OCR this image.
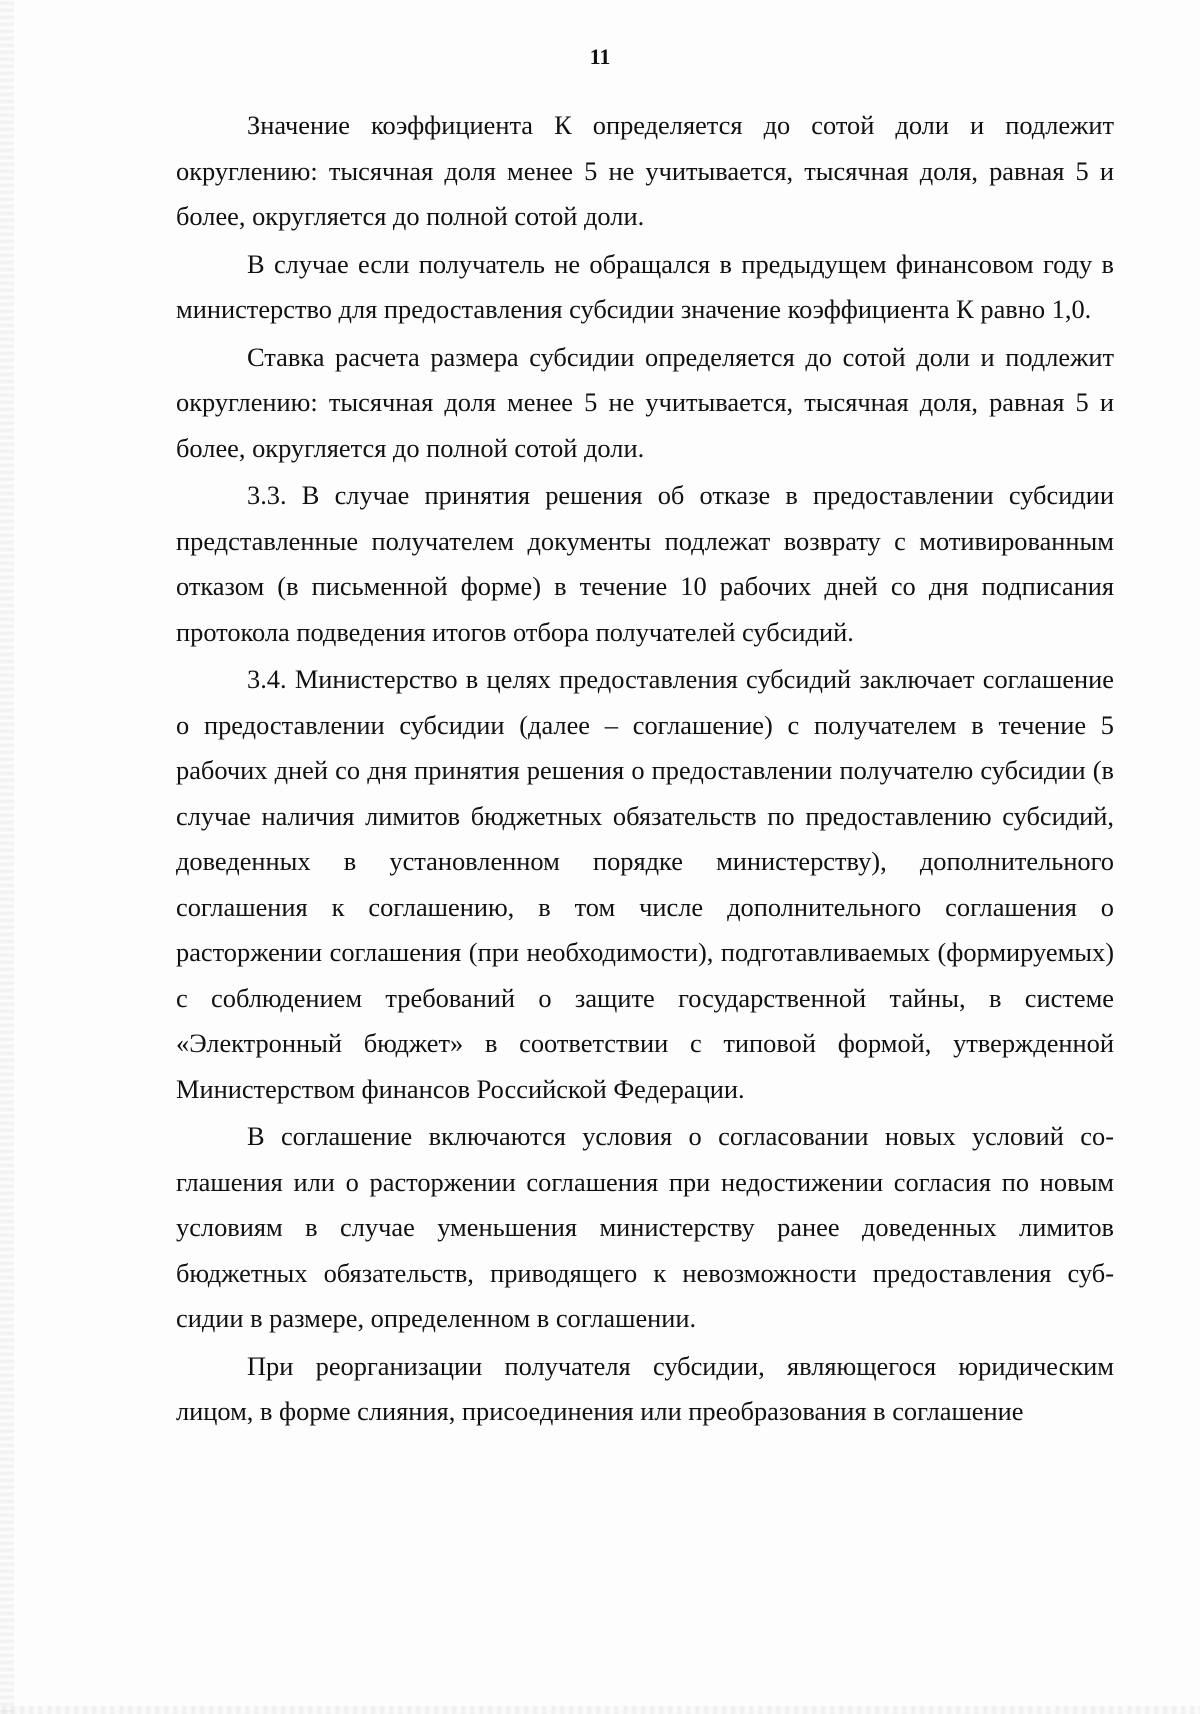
11

Значение коэффициента К определяется до сотой доли и подлежит округлению: тысячная доля менее 5 не учитывается, тысячная доля, равная 5 и более, округляется до полной сотой доли.

В случае если получатель не обращался в предыдущем финансовом году в министерство для предоставления субсидии значение коэффициента К равно 1,0.

Ставка расчета размера субсидии определяется до сотой доли и подлежит округлению: тысячная доля менее 5 не учитывается, тысячная доля, равная 5 и более, округляется до полной сотой доли.

3.3. В случае принятия решения об отказе в предоставлении субсидии представленные получателем документы подлежат возврату с мотивированным отказом (в письменной форме) в течение 10 рабочих дней со дня подписания протокола подведения итогов отбора получателей субсидий.

3.4. Министерство в целях предоставления субсидий заключает соглашение о предоставлении субсидии (далее – соглашение) с получателем в течение 5 рабочих дней со дня принятия решения о предоставлении получателю субсидии (в случае наличия лимитов бюджетных обязательств по предоставлению субсидий, доведенных в установленном порядке министерству), дополнительного соглашения к соглашению, в том числе дополнительного соглашения о расторжении соглашения (при необходимости), подготавливаемых (формируемых) с соблюдением требований о защите государственной тайны, в системе «Электронный бюджет» в соответствии с типовой формой, утвержденной Министерством финансов Российской Федерации.

В соглашение включаются условия о согласовании новых условий соглашения или о расторжении соглашения при недостижении согласия по новым условиям в случае уменьшения министерству ранее доведенных лимитов бюджетных обязательств, приводящего к невозможности предоставления субсидии в размере, определенном в соглашении.

При реорганизации получателя субсидии, являющегося юридическим лицом, в форме слияния, присоединения или преобразования в соглашение
